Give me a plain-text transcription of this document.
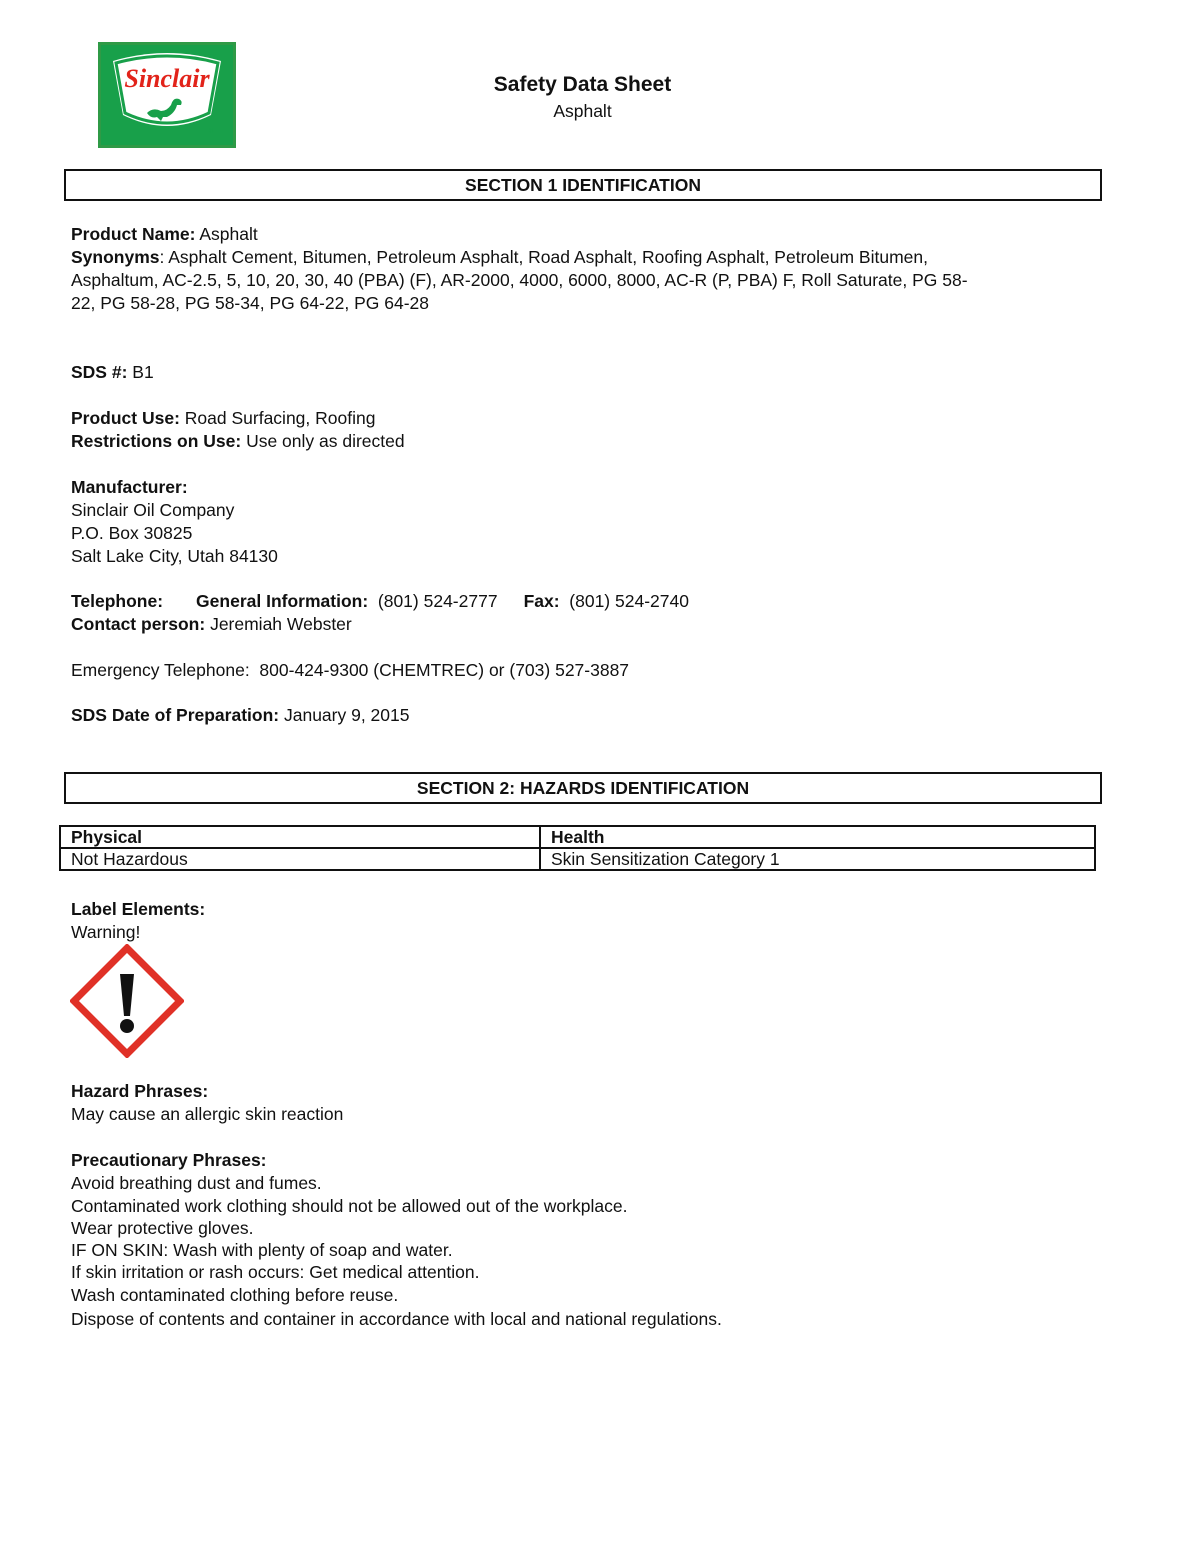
Sinclair
®
Safety Data Sheet
Asphalt
SECTION 1 IDENTIFICATION
Product Name: Asphalt
Synonyms: Asphalt Cement, Bitumen, Petroleum Asphalt, Road Asphalt, Roofing Asphalt, Petroleum Bitumen,
Asphaltum, AC-2.5, 5, 10, 20, 30, 40 (PBA) (F), AR-2000, 4000, 6000, 8000, AC-R (P, PBA) F, Roll Saturate, PG 58-
22, PG 58-28, PG 58-34, PG 64-22, PG 64-28
SDS #: B1
Product Use: Road Surfacing, Roofing
Restrictions on Use: Use only as directed
Manufacturer:
Sinclair Oil Company
P.O. Box 30825
Salt Lake City, Utah 84130
Telephone: General Information: (801) 524-2777 Fax: (801) 524-2740
Contact person: Jeremiah Webster
Emergency Telephone: 800-424-9300 (CHEMTREC) or (703) 527-3887
SDS Date of Preparation: January 9, 2015
SECTION 2: HAZARDS IDENTIFICATION
Physical	Health
Not Hazardous	Skin Sensitization Category 1
Label Elements:
Warning!
Hazard Phrases:
May cause an allergic skin reaction
Precautionary Phrases:
Avoid breathing dust and fumes.
Contaminated work clothing should not be allowed out of the workplace.
Wear protective gloves.
IF ON SKIN: Wash with plenty of soap and water.
If skin irritation or rash occurs: Get medical attention.
Wash contaminated clothing before reuse.
Dispose of contents and container in accordance with local and national regulations.
